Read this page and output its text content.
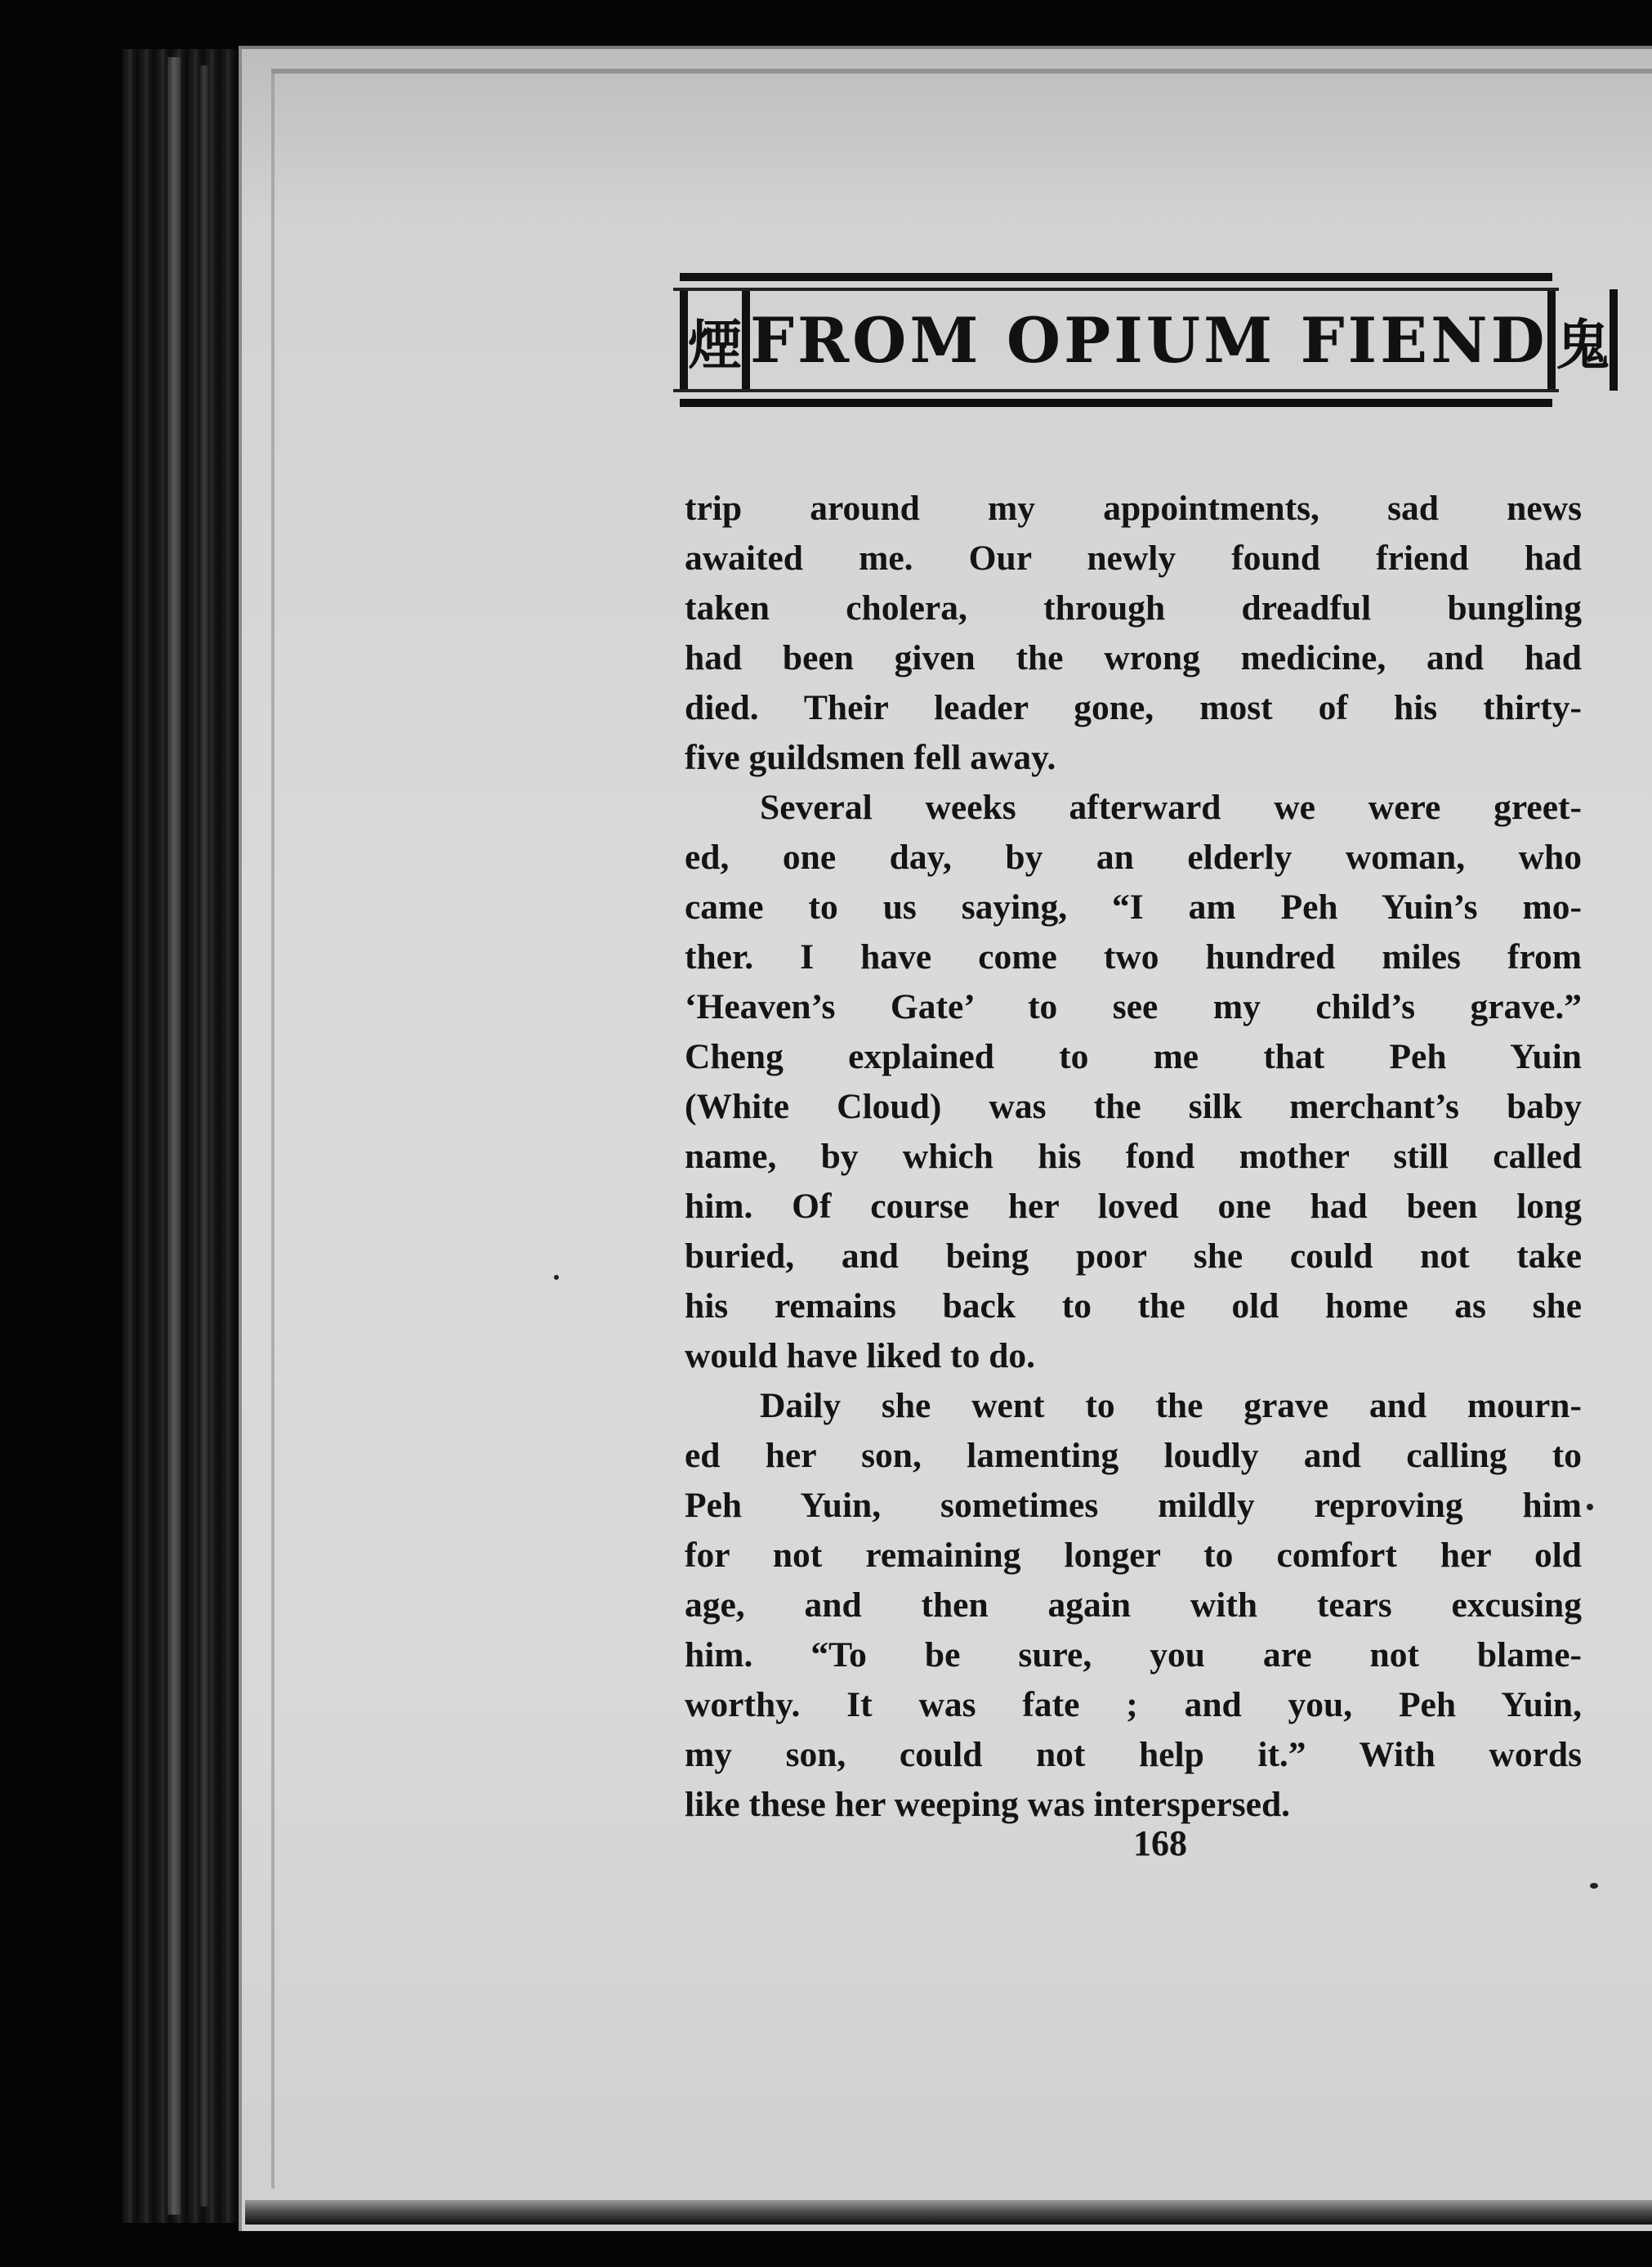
煙 FROM OPIUM FIEND 鬼

trip around my appointments, sad news
awaited me. Our newly found friend had
taken cholera, through dreadful bungling
had been given the wrong medicine, and had
died. Their leader gone, most of his thirty-
five guildsmen fell away.

Several weeks afterward we were greet-
ed, one day, by an elderly woman, who
came to us saying, “I am Peh Yuin’s mo-
ther. I have come two hundred miles from
‘Heaven’s Gate’ to see my child’s grave.”
Cheng explained to me that Peh Yuin
(White Cloud) was the silk merchant’s baby
name, by which his fond mother still called
him. Of course her loved one had been long
buried, and being poor she could not take
his remains back to the old home as she
would have liked to do.

Daily she went to the grave and mourn-
ed her son, lamenting loudly and calling to
Peh Yuin, sometimes mildly reproving him
for not remaining longer to comfort her old
age, and then again with tears excusing
him. “To be sure, you are not blame-
worthy. It was fate ; and you, Peh Yuin,
my son, could not help it.” With words
like these her weeping was interspersed.

168
